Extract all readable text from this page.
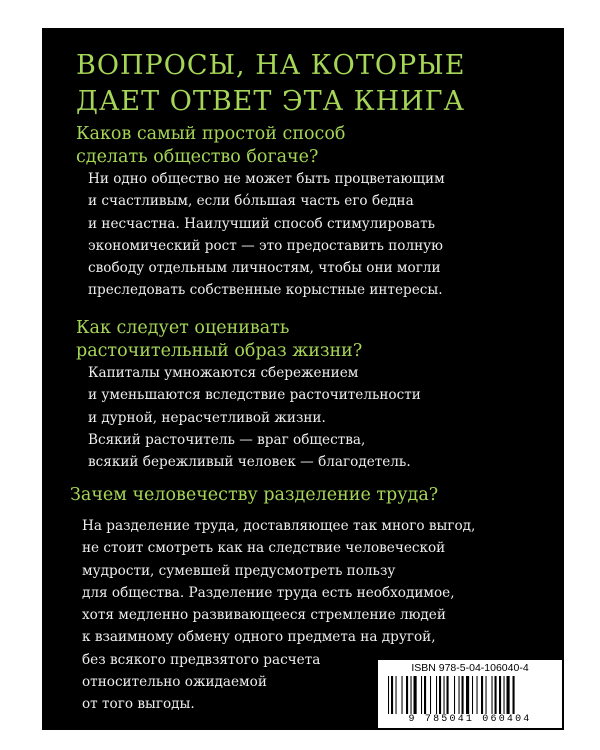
ВОПРОСЫ, НА КОТОРЫЕ
ДАЕТ ОТВЕТ ЭТА КНИГА
Каков самый простой способ
сделать общество богаче?
Ни одно общество не может быть процветающим
и счастливым, если бóльшая часть его бедна
и несчастна. Наилучший способ стимулировать
экономический рост — это предоставить полную
свободу отдельным личностям, чтобы они могли
преследовать собственные корыстные интересы.
Как следует оценивать
расточительный образ жизни?
Капиталы умножаются сбережением
и уменьшаются вследствие расточительности
и дурной, нерасчетливой жизни.
Всякий расточитель — враг общества,
всякий бережливый человек — благодетель.
Зачем человечеству разделение труда?
На разделение труда, доставляющее так много выгод,
не стоит смотреть как на следствие человеческой
мудрости, сумевшей предусмотреть пользу
для общества. Разделение труда есть необходимое,
хотя медленно развивающееся стремление людей
к взаимному обмену одного предмета на другой,
без всякого предвзятого расчета
относительно ожидаемой
от того выгоды.
ISBN 978-5-04-106040-4
9 785041 060404
